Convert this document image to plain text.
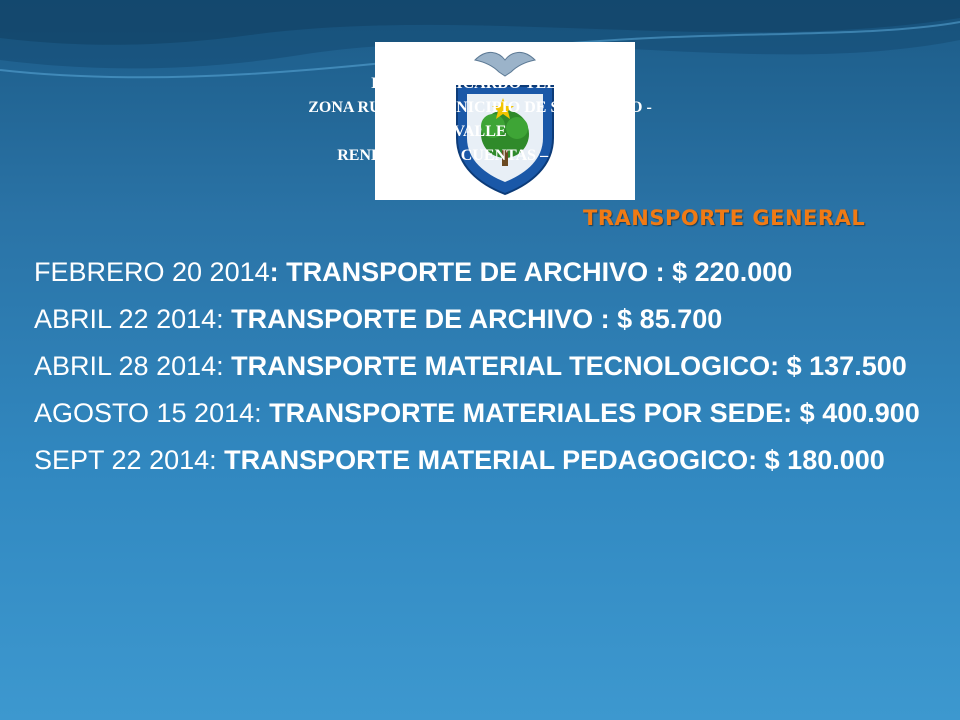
IE JULIO RICARDO TELLEZ
ZONA RURAL – MUNICIPIO DE SAN PEDRO -
VALLE
RENDICION DE CUENTAS – AÑO 2014
TRANSPORTE GENERAL
FEBRERO 20 2014: TRANSPORTE DE ARCHIVO : $ 220.000
ABRIL 22 2014: TRANSPORTE DE ARCHIVO : $ 85.700
ABRIL 28 2014: TRANSPORTE MATERIAL TECNOLOGICO: $ 137.500
AGOSTO 15 2014: TRANSPORTE MATERIALES POR SEDE: $ 400.900
SEPT 22 2014: TRANSPORTE MATERIAL PEDAGOGICO: $ 180.000
